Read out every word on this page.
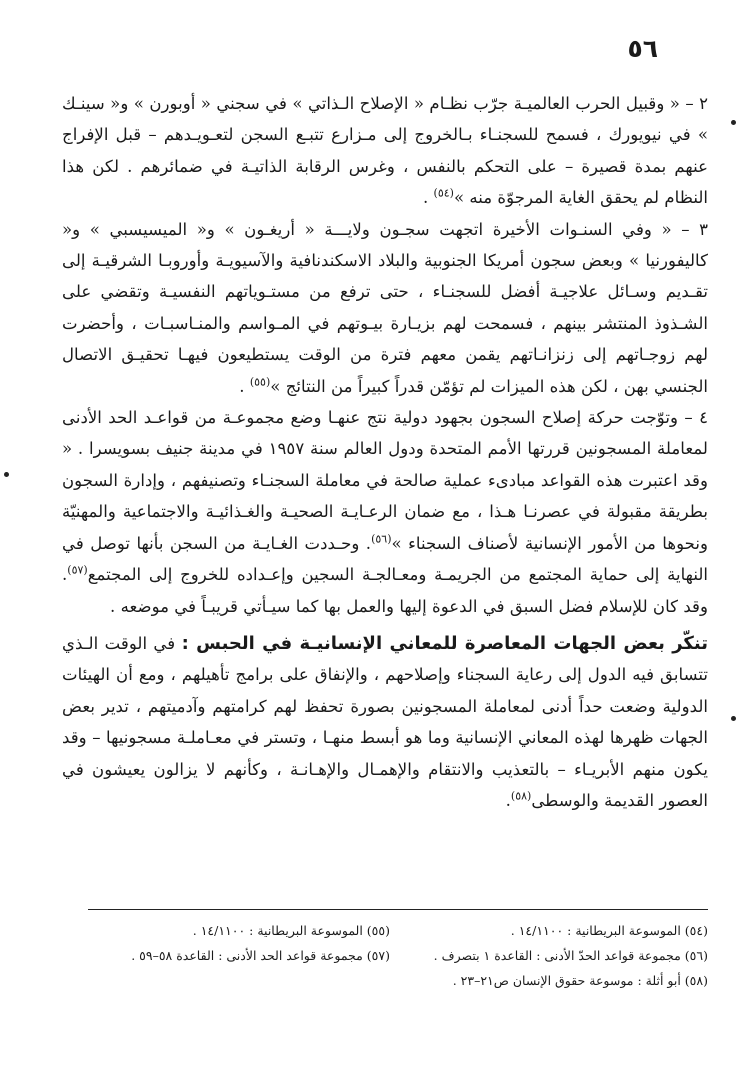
٥٦

٢ – « وقبيل الحرب العالميـة جرّب نظـام « الإصلاح الـذاتي » في سجني « أوبورن » و« سينـك » في نيويورك ، فسمح للسجنـاء بـالخروج إلى مـزارع تتبـع السجن لتعـويـدهم – قبل الإفراج عنهم بمدة قصيرة – على التحكم بالنفس ، وغرس الرقابة الذاتيـة في ضمائرهم . لكن هذا النظام لم يحقق الغاية المرجوّة منه »$^{(٥٤)}$ .

٣ – « وفي السنـوات الأخيرة اتجهت سجـون ولايـــة « أريغـون » و« الميسيسبي » و« كاليفورنيا » وبعض سجون أمريكا الجنوبية والبلاد الاسكندنافية والآسيويـة وأوروبـا الشرقيـة إلى تقـديم وسـائل علاجيـة أفضل للسجنـاء ، حتى ترفع من مستـوياتهم النفسيـة وتقضي على الشـذوذ المنتشر بينهم ، فسمحت لهم بزيـارة بيـوتهم في المـواسم والمنـاسبـات ، وأحضرت لهم زوجـاتهم إلى زنزانـاتهم يقمن معهم فترة من الوقت يستطيعون فيهـا تحقيـق الاتصال الجنسي بهن ، لكن هذه الميزات لم تؤمّن قدراً كبيراً من النتائج »$^{(٥٥)}$ .

٤ – وتوّجت حركة إصلاح السجون بجهود دولية نتج عنهـا وضع مجموعـة من قواعـد الحد الأدنى لمعاملة المسجونين قررتها الأمم المتحدة ودول العالم سنة ١٩٥٧ في مدينة جنيف بسويسرا . « وقد اعتبرت هذه القواعد مبادىء عملية صالحة في معاملة السجنـاء وتصنيفهم ، وإدارة السجون بطريقة مقبولة في عصرنـا هـذا ، مع ضمان الرعـايـة الصحيـة والغـذائيـة والاجتماعية والمهنيّة ونحوها من الأمور الإنسانية لأصناف السجناء »$^{(٥٦)}$. وحـددت الغـايـة من السجن بأنها توصل في النهاية إلى حماية المجتمع من الجريمـة ومعـالجـة السجين وإعـداده للخروج إلى المجتمع$^{(٥٧)}$. وقد كان للإسلام فضل السبق في الدعوة إليها والعمل بها كما سيـأتي قريبـاً في موضعه .

تنكّر بعض الجهات المعاصرة للمعاني الإنسانيـة في الحبس : في الوقت الـذي تتسابق فيه الدول إلى رعاية السجناء وإصلاحهم ، والإنفاق على برامج تأهيلهم ، ومع أن الهيئات الدولية وضعت حداً أدنى لمعاملة المسجونين بصورة تحفظ لهم كرامتهم وآدميتهم ، تدير بعض الجهات ظهرها لهذه المعاني الإنسانية وما هو أبسط منهـا ، وتستر في معـاملـة مسجونيها – وقد يكون منهم الأبريـاء – بالتعذيب والانتقام والإهمـال والإهـانـة ، وكأنهم لا يزالون يعيشون في العصور القديمة والوسطى$^{(٥٨)}$.

(٥٤) الموسوعة البريطانية : ١٤/١١٠٠ .
(٥٥) الموسوعة البريطانية : ١٤/١١٠٠ .
(٥٦) مجموعة قواعد الحدّ الأدنى : القاعدة ١ بتصرف .
(٥٧) مجموعة قواعد الحد الأدنى : القاعدة ٥٨–٥٩ .
(٥٨) أبو أثلة : موسوعة حقوق الإنسان ص٢١–٢٣ .
